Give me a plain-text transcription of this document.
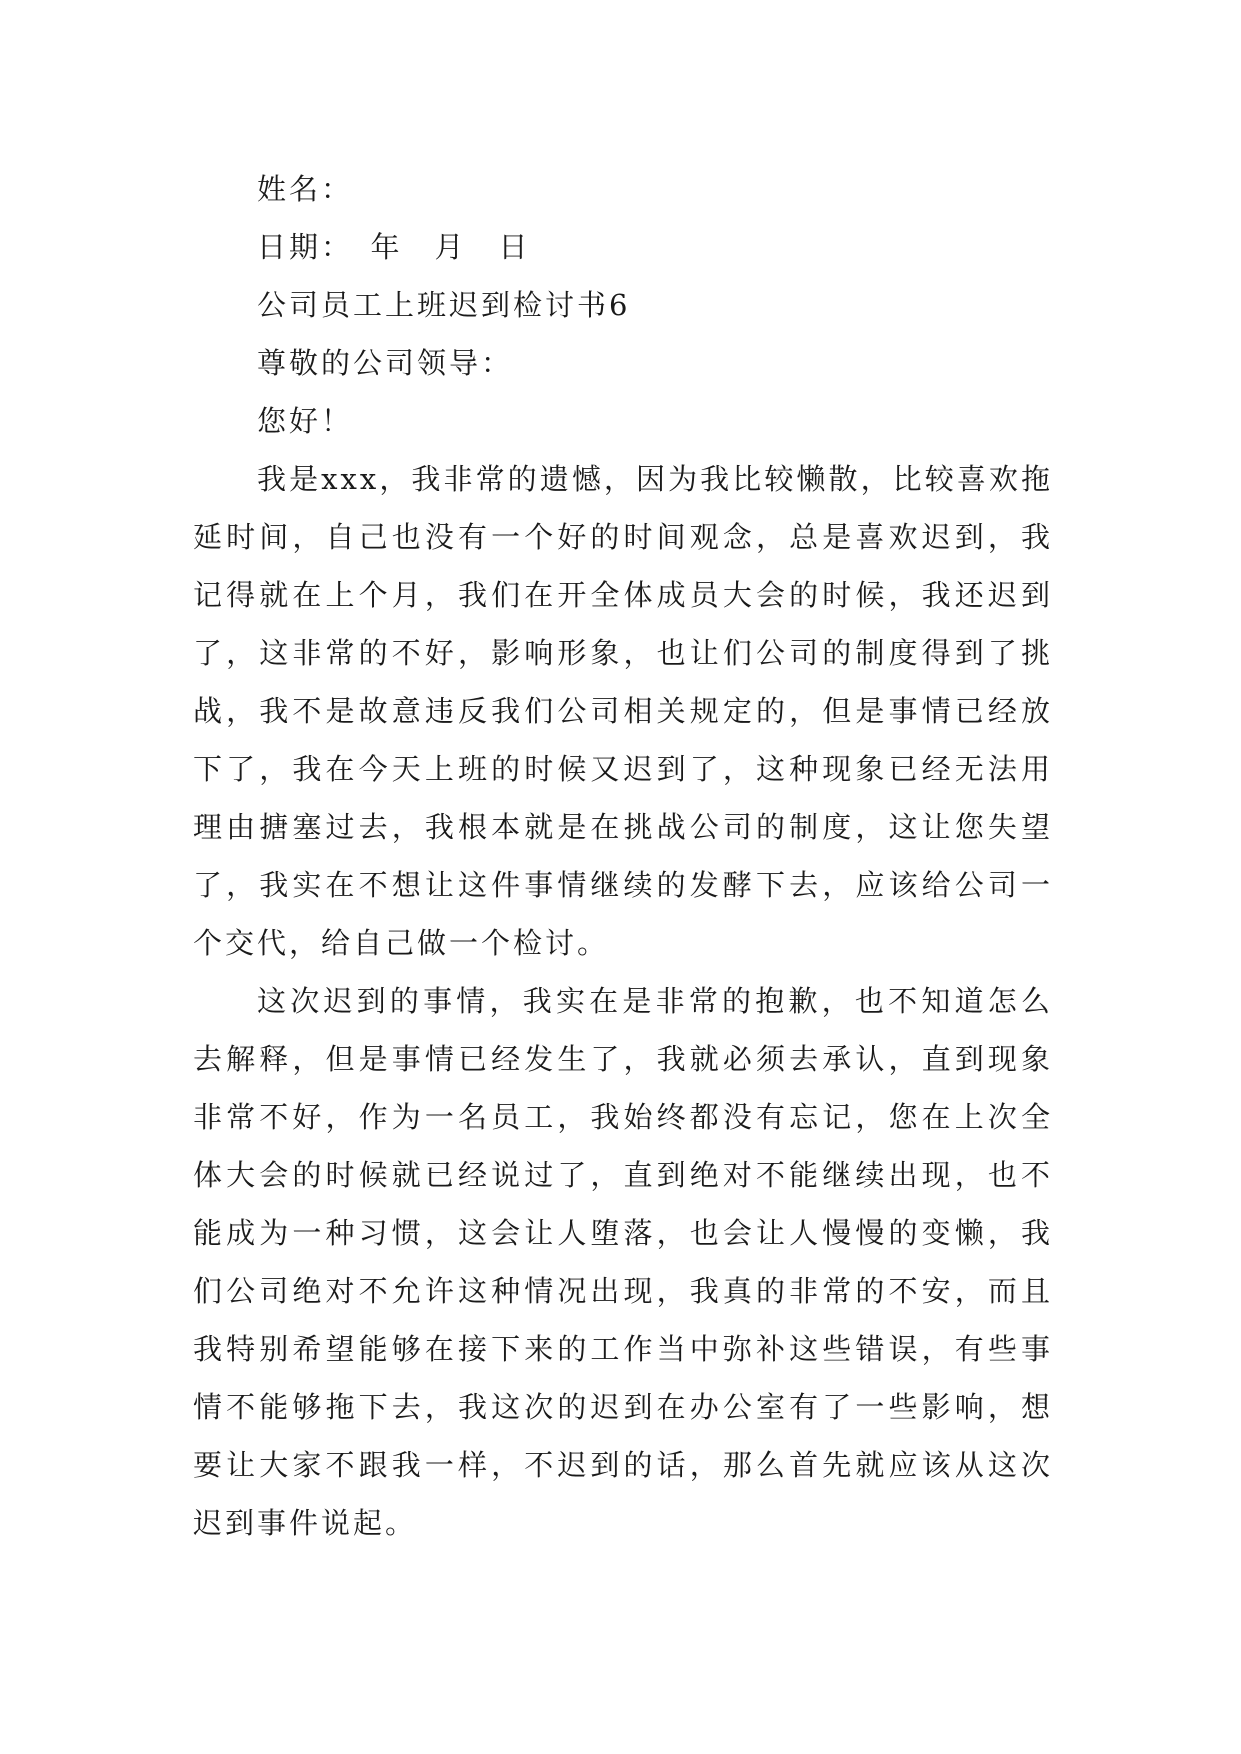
姓名：

日期：　年　月　日

公司员工上班迟到检讨书6

尊敬的公司领导：

您好！

我是xxx，我非常的遗憾，因为我比较懒散，比较喜欢拖延时间，自己也没有一个好的时间观念，总是喜欢迟到，我记得就在上个月，我们在开全体成员大会的时候，我还迟到了，这非常的不好，影响形象，也让们公司的制度得到了挑战，我不是故意违反我们公司相关规定的，但是事情已经放下了，我在今天上班的时候又迟到了，这种现象已经无法用理由搪塞过去，我根本就是在挑战公司的制度，这让您失望了，我实在不想让这件事情继续的发酵下去，应该给公司一个交代，给自己做一个检讨。

这次迟到的事情，我实在是非常的抱歉，也不知道怎么去解释，但是事情已经发生了，我就必须去承认，直到现象非常不好，作为一名员工，我始终都没有忘记，您在上次全体大会的时候就已经说过了，直到绝对不能继续出现，也不能成为一种习惯，这会让人堕落，也会让人慢慢的变懒，我们公司绝对不允许这种情况出现，我真的非常的不安，而且我特别希望能够在接下来的工作当中弥补这些错误，有些事情不能够拖下去，我这次的迟到在办公室有了一些影响，想要让大家不跟我一样，不迟到的话，那么首先就应该从这次迟到事件说起。
